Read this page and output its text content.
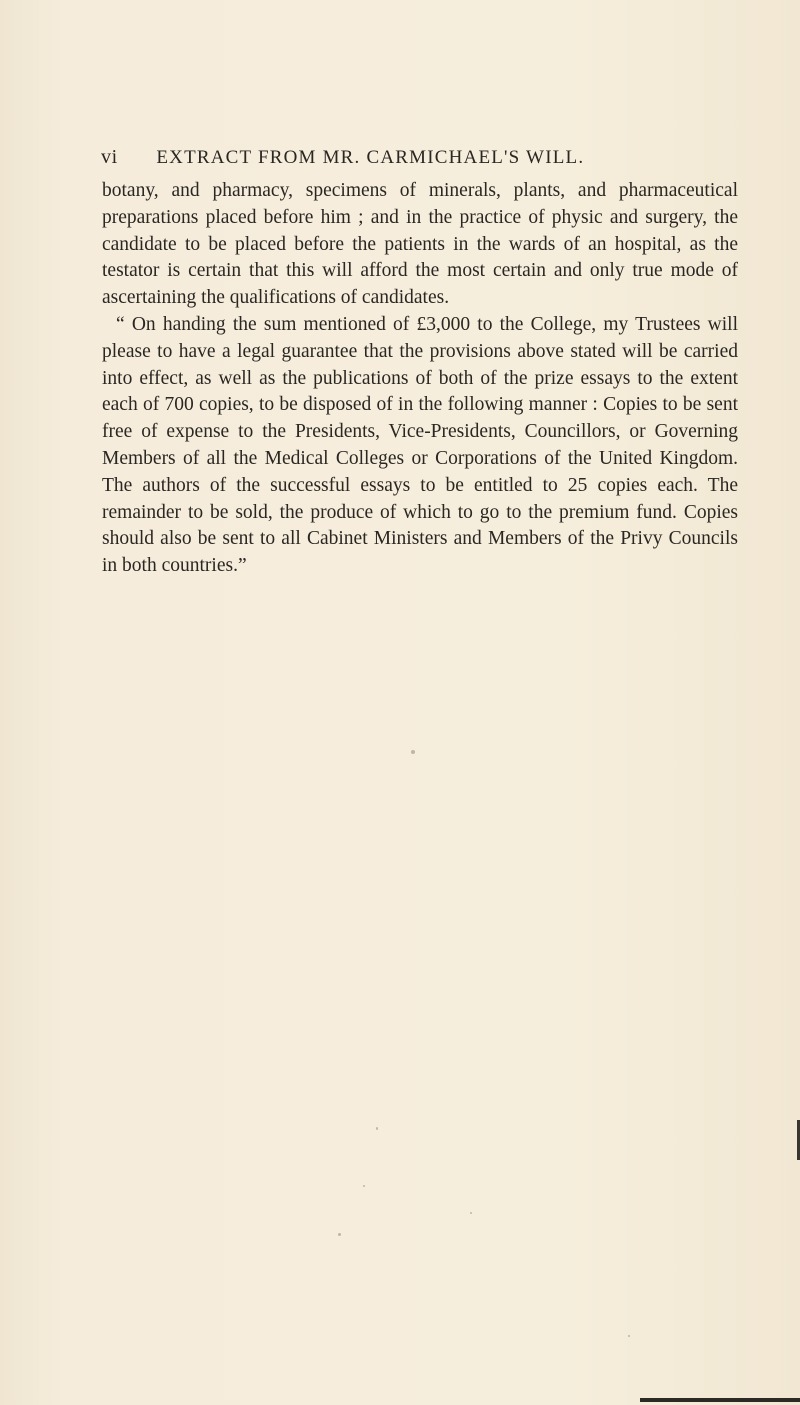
vi EXTRACT FROM MR. CARMICHAEL'S WILL.

botany, and pharmacy, specimens of minerals, plants, and pharmaceutical preparations placed before him ; and in the practice of physic and surgery, the candidate to be placed before the patients in the wards of an hospital, as the testator is certain that this will afford the most certain and only true mode of ascertaining the qualifications of candidates.

“ On handing the sum mentioned of £3,000 to the College, my Trustees will please to have a legal guarantee that the provisions above stated will be carried into effect, as well as the publications of both of the prize essays to the extent each of 700 copies, to be disposed of in the following manner : Copies to be sent free of expense to the Presidents, Vice-Presidents, Councillors, or Governing Members of all the Medical Colleges or Corporations of the United Kingdom. The authors of the successful essays to be entitled to 25 copies each. The remainder to be sold, the produce of which to go to the premium fund. Copies should also be sent to all Cabinet Ministers and Members of the Privy Councils in both countries.”
